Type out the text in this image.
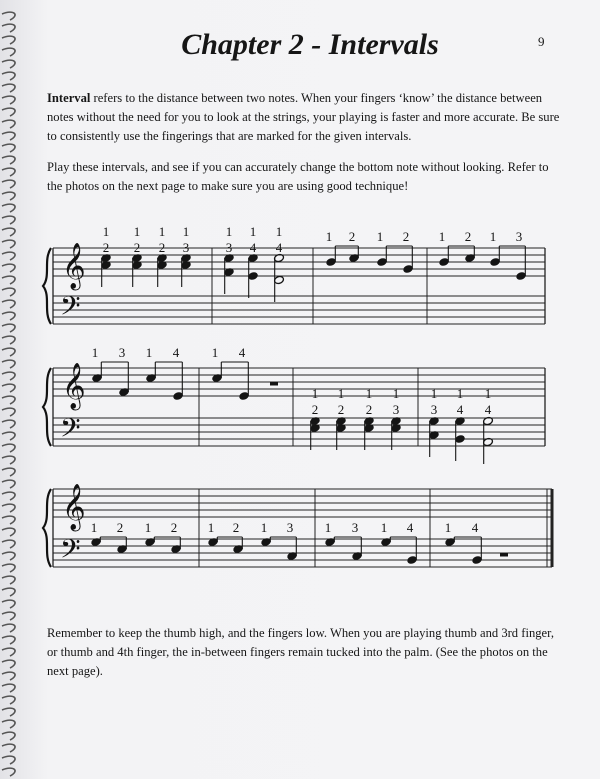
9
Chapter 2 - Intervals

Interval refers to the distance between two notes. When your fingers ‘know’ the distance between notes without the need for you to look at the strings, your playing is faster and more accurate. Be sure to consistently use the fingerings that are marked for the given intervals.

Play these intervals, and see if you can accurately change the bottom note without looking. Refer to the photos on the next page to make sure you are using good technique!

𝄞
𝄢
1
2
1
2
1
2
1
3
1
3
1
4
1
4
1 2 1 2 1 2 1 3
𝄞
𝄢
1 3 1 4	1 4
1
2
1
2
1
2
1
3
1
3
1
4
1
4
𝄞
𝄢
1 2 1 2 1 2 1 3 1 3 1 4 1 4

Remember to keep the thumb high, and the fingers low. When you are playing thumb and 3rd finger, or thumb and 4th finger, the in-between fingers remain tucked into the palm. (See the photos on the next page).
